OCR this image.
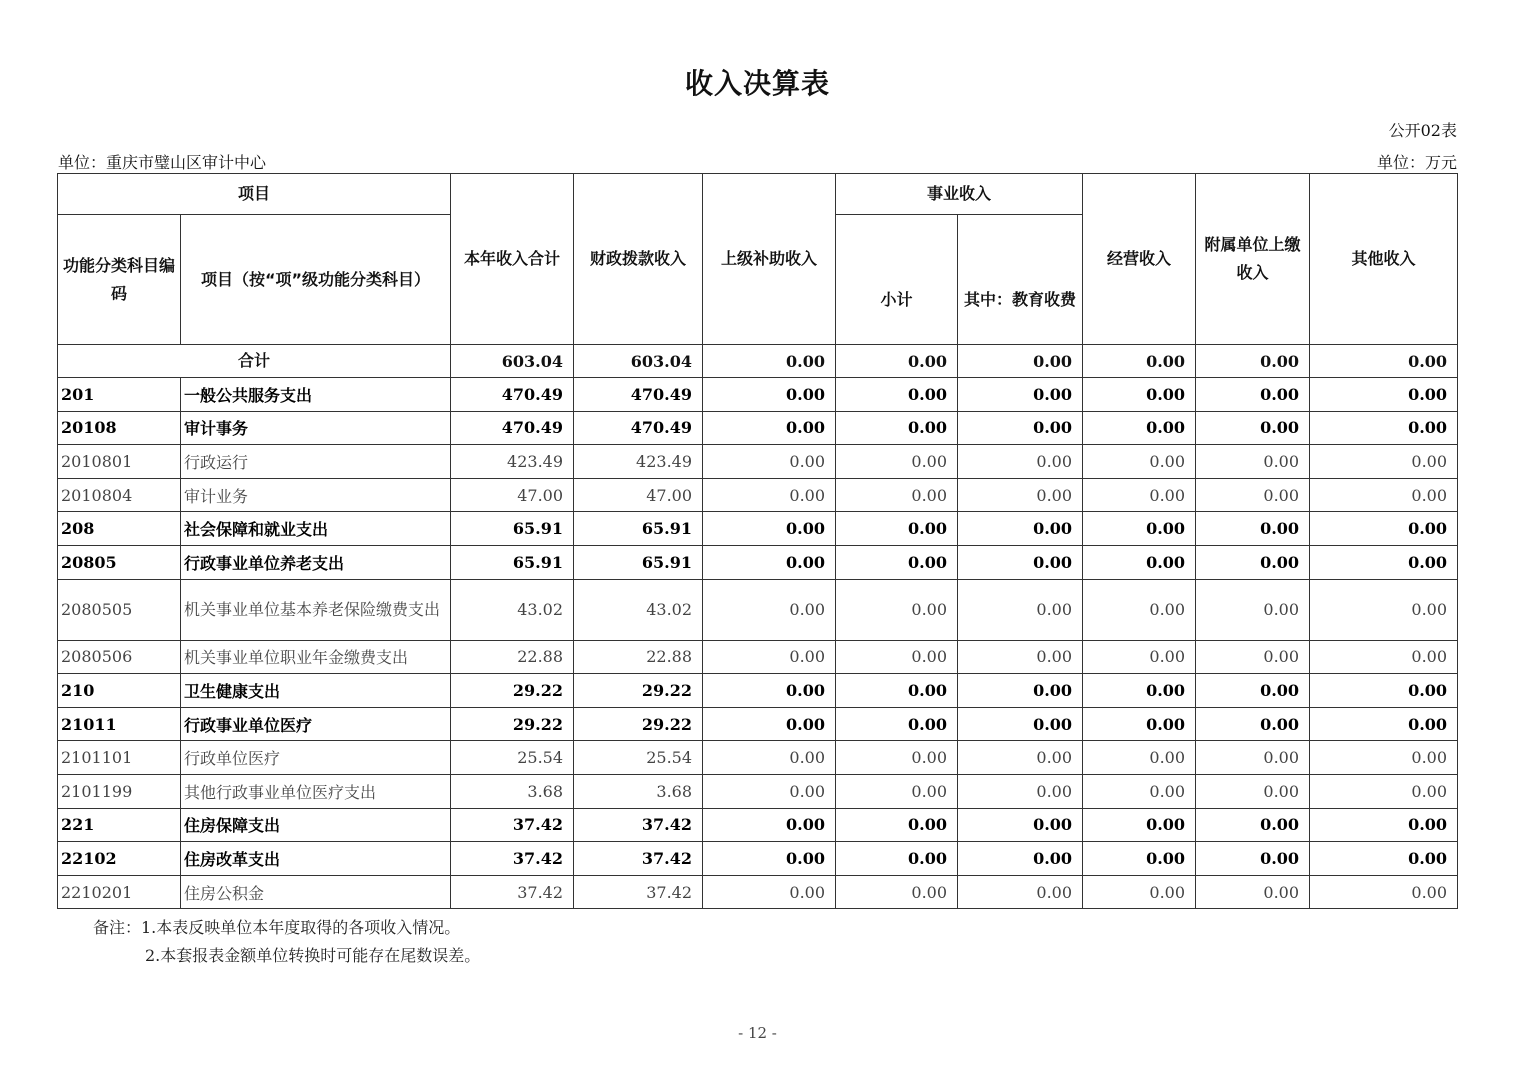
收入决算表
公开02表
单位：重庆市璧山区审计中心	单位：万元
项目		本年收入合计	财政拨款收入	上级补助收入	事业收入		经营收入	附属单位上缴收入	其他收入
功能分类科目编码	项目（按“项”级功能分类科目）				小计	其中：教育收费			
合计		603.04	603.04	0.00	0.00	0.00	0.00	0.00	0.00
201	一般公共服务支出	470.49	470.49	0.00	0.00	0.00	0.00	0.00	0.00
20108	审计事务	470.49	470.49	0.00	0.00	0.00	0.00	0.00	0.00
2010801	行政运行	423.49	423.49	0.00	0.00	0.00	0.00	0.00	0.00
2010804	审计业务	47.00	47.00	0.00	0.00	0.00	0.00	0.00	0.00
208	社会保障和就业支出	65.91	65.91	0.00	0.00	0.00	0.00	0.00	0.00
20805	行政事业单位养老支出	65.91	65.91	0.00	0.00	0.00	0.00	0.00	0.00
2080505	机关事业单位基本养老保险缴费支出	43.02	43.02	0.00	0.00	0.00	0.00	0.00	0.00
2080506	机关事业单位职业年金缴费支出	22.88	22.88	0.00	0.00	0.00	0.00	0.00	0.00
210	卫生健康支出	29.22	29.22	0.00	0.00	0.00	0.00	0.00	0.00
21011	行政事业单位医疗	29.22	29.22	0.00	0.00	0.00	0.00	0.00	0.00
2101101	行政单位医疗	25.54	25.54	0.00	0.00	0.00	0.00	0.00	0.00
2101199	其他行政事业单位医疗支出	3.68	3.68	0.00	0.00	0.00	0.00	0.00	0.00
221	住房保障支出	37.42	37.42	0.00	0.00	0.00	0.00	0.00	0.00
22102	住房改革支出	37.42	37.42	0.00	0.00	0.00	0.00	0.00	0.00
2210201	住房公积金	37.42	37.42	0.00	0.00	0.00	0.00	0.00	0.00
备注：1.本表反映单位本年度取得的各项收入情况。
2.本套报表金额单位转换时可能存在尾数误差。
- 12 -
